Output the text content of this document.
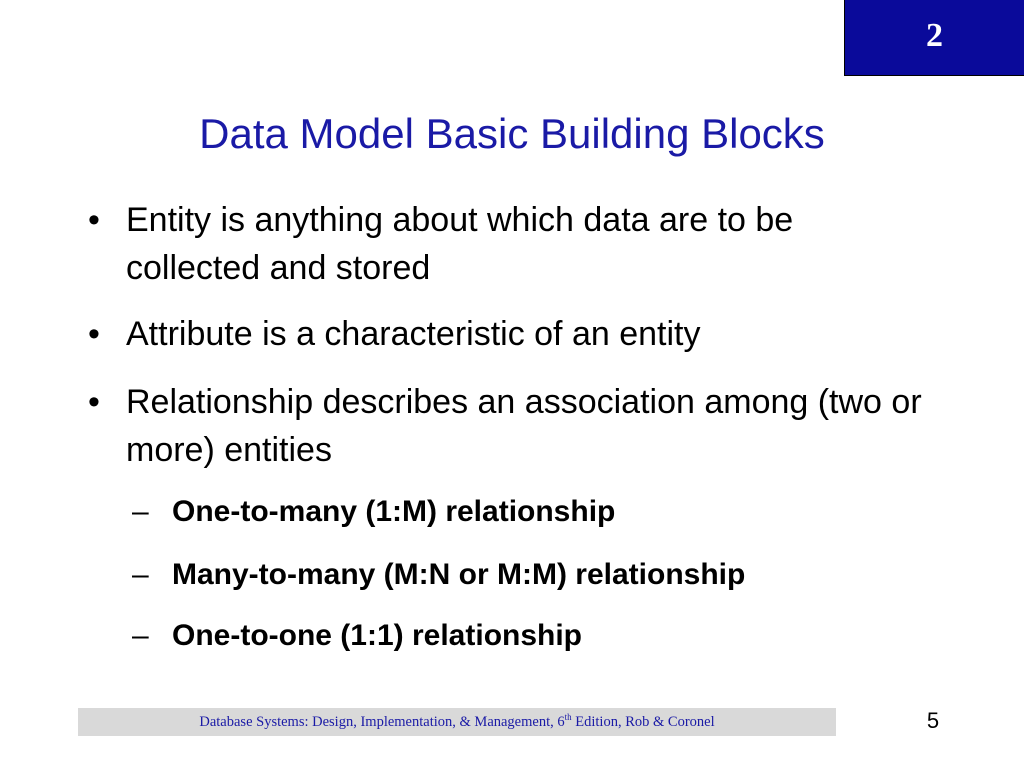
2
Data Model Basic Building Blocks
• Entity is anything about which data are to be collected and stored
• Attribute is a characteristic of an entity
• Relationship describes an association among (two or more) entities

– One-to-many (1:M) relationship

– Many-to-many (M:N or M:M) relationship

– One-to-one (1:1) relationship

Database Systems: Design, Implementation, & Management, 6th Edition, Rob & Coronel	5
